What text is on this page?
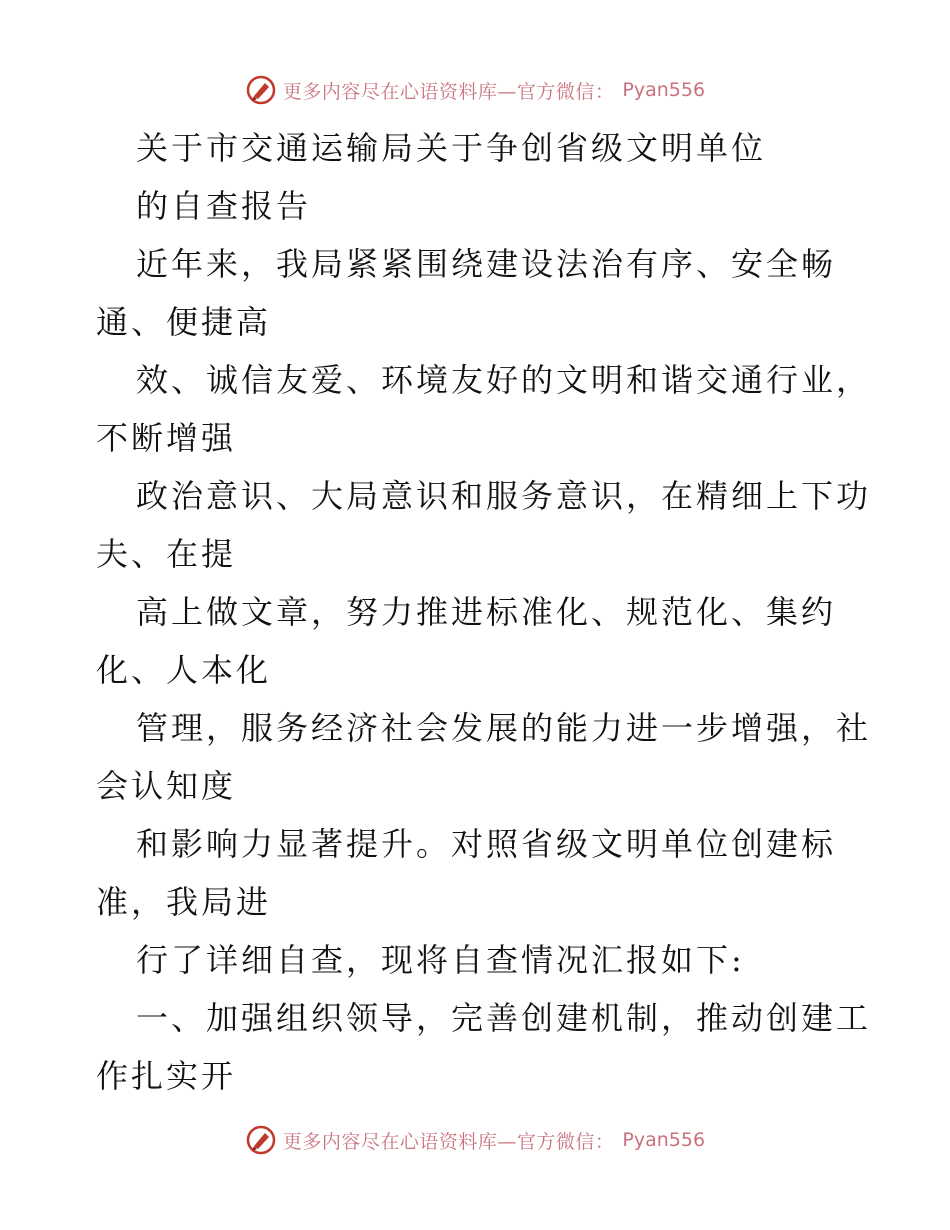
更多内容尽在心语资料库—官方微信： Pyan556
关于市交通运输局关于争创省级文明单位
的自查报告
近年来，我局紧紧围绕建设法治有序、安全畅
通、便捷高
效、诚信友爱、环境友好的文明和谐交通行业，
不断增强
政治意识、大局意识和服务意识，在精细上下功
夫、在提
高上做文章，努力推进标准化、规范化、集约
化、人本化
管理，服务经济社会发展的能力进一步增强，社
会认知度
和影响力显著提升。对照省级文明单位创建标
准，我局进
行了详细自查，现将自查情况汇报如下:
一、加强组织领导，完善创建机制，推动创建工
作扎实开
更多内容尽在心语资料库—官方微信： Pyan556
